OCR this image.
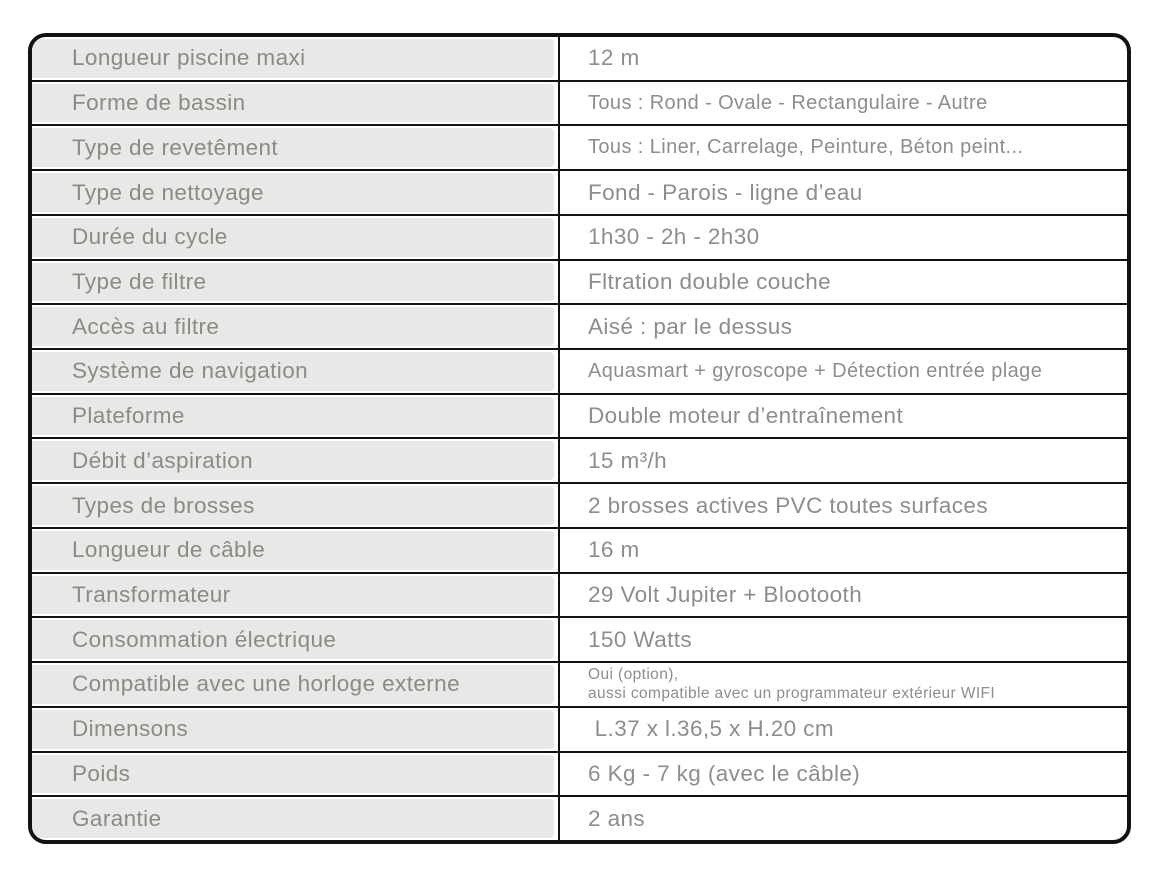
Longueur piscine maxi	12 m
Forme de bassin	Tous : Rond - Ovale - Rectangulaire - Autre
Type de revetêment	Tous : Liner, Carrelage, Peinture, Béton peint...
Type de nettoyage	Fond - Parois - ligne d’eau
Durée du cycle	1h30 - 2h - 2h30
Type de filtre	Fltration double couche
Accès au filtre	Aisé : par le dessus
Système de navigation	Aquasmart + gyroscope + Détection entrée plage
Plateforme	Double moteur d’entraînement
Débit d’aspiration	15 m³/h
Types de brosses	2 brosses actives PVC toutes surfaces
Longueur de câble	16 m
Transformateur	29 Volt Jupiter + Blootooth
Consommation électrique	150 Watts
Compatible avec une horloge externe	Oui (option),
aussi compatible avec un programmateur extérieur WIFI
Dimensons	L.37 x l.36,5 x H.20 cm
Poids	6 Kg - 7 kg (avec le câble)
Garantie	2 ans
